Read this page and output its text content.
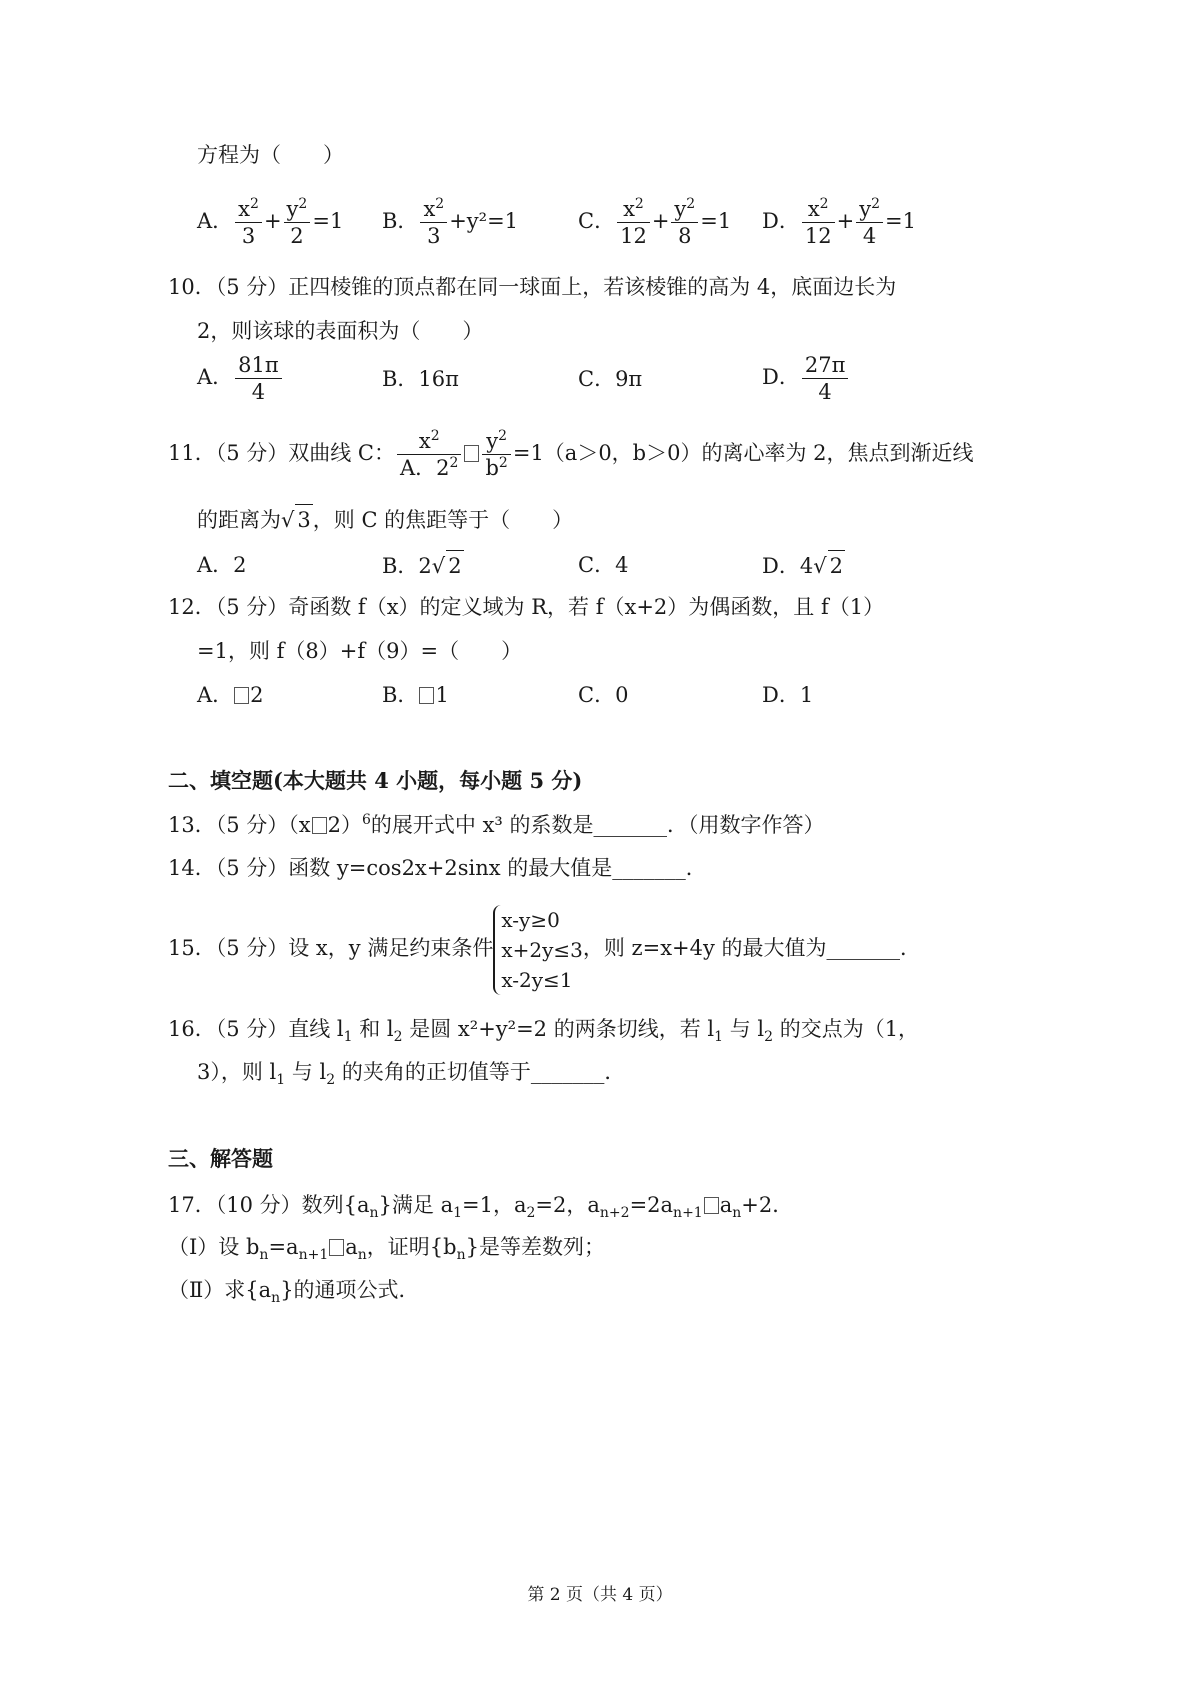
方程为（　　）
A． $\frac{x^2}{3} + \frac{y^2}{2} =1$ B． $\frac{x^2}{3} +y^2=1$	C． $\frac{x^2}{12} + \frac{y^2}{8} =1$ D． $\frac{x^2}{12} + \frac{y^2}{4} =1$
10．（5 分）正四棱锥的顶点都在同一球面上，若该棱锥的高为 4，底面边长为
2，则该球的表面积为（　　）
A． $\frac{81\pi}{4}$	B．16π	C．9π	D． $\frac{27\pi}{4}$
11．（5 分）双曲线 C： $\frac{x^2}{A.2^2} \frac{y^2}{b^2} =1(a>0$，b＞0）的离心率为 2，焦点到渐近线
的距离为√ 3，则 C 的焦距等于（　　）
A．2	B．2√ 2	C．4	D．4√ 2
12．（5 分）奇函数 f（x）的定义域为 R，若 f（x+2）为偶函数，且 f（1）
=1，则 f（8）+f（9）=（　　）
A． 2	B． 1	C．0	D．1
二、填空题(本大题共 4 小题，每小题 5 分)
13．（5 分）（x 2）$^6$的展开式中 x³ 的系数是_______．（用数字作答）
14．（5 分）函数 y=cos2x+2sinx 的最大值是_______．
15．（5 分）设 x，y 满足约束条件
x-y≥0
x+2y≤3
x-2y≤1
，则 z=x+4y 的最大值为_______．
16．（5 分）直线 $l_1$ 和 $l_2$ 是圆 x²+y²=2 的两条切线，若 $l_1$ 与 $l_2$ 的交点为（1，
3），则 $l_1$ 与 $l_2$ 的夹角的正切值等于_______．
三、解答题
17．（10 分）数列$\{a_n\}$满足 $a_1=1$，$a_2=2$，$a_{n+2}=2a_{n+1}$ $a_n+2$．
（Ⅰ）设 $b_n=a_{n+1}$ $a_n$，证明$\{b_n\}$是等差数列；
（Ⅱ）求$\{a_n\}$的通项公式．
第 2 页（共 4 页）
